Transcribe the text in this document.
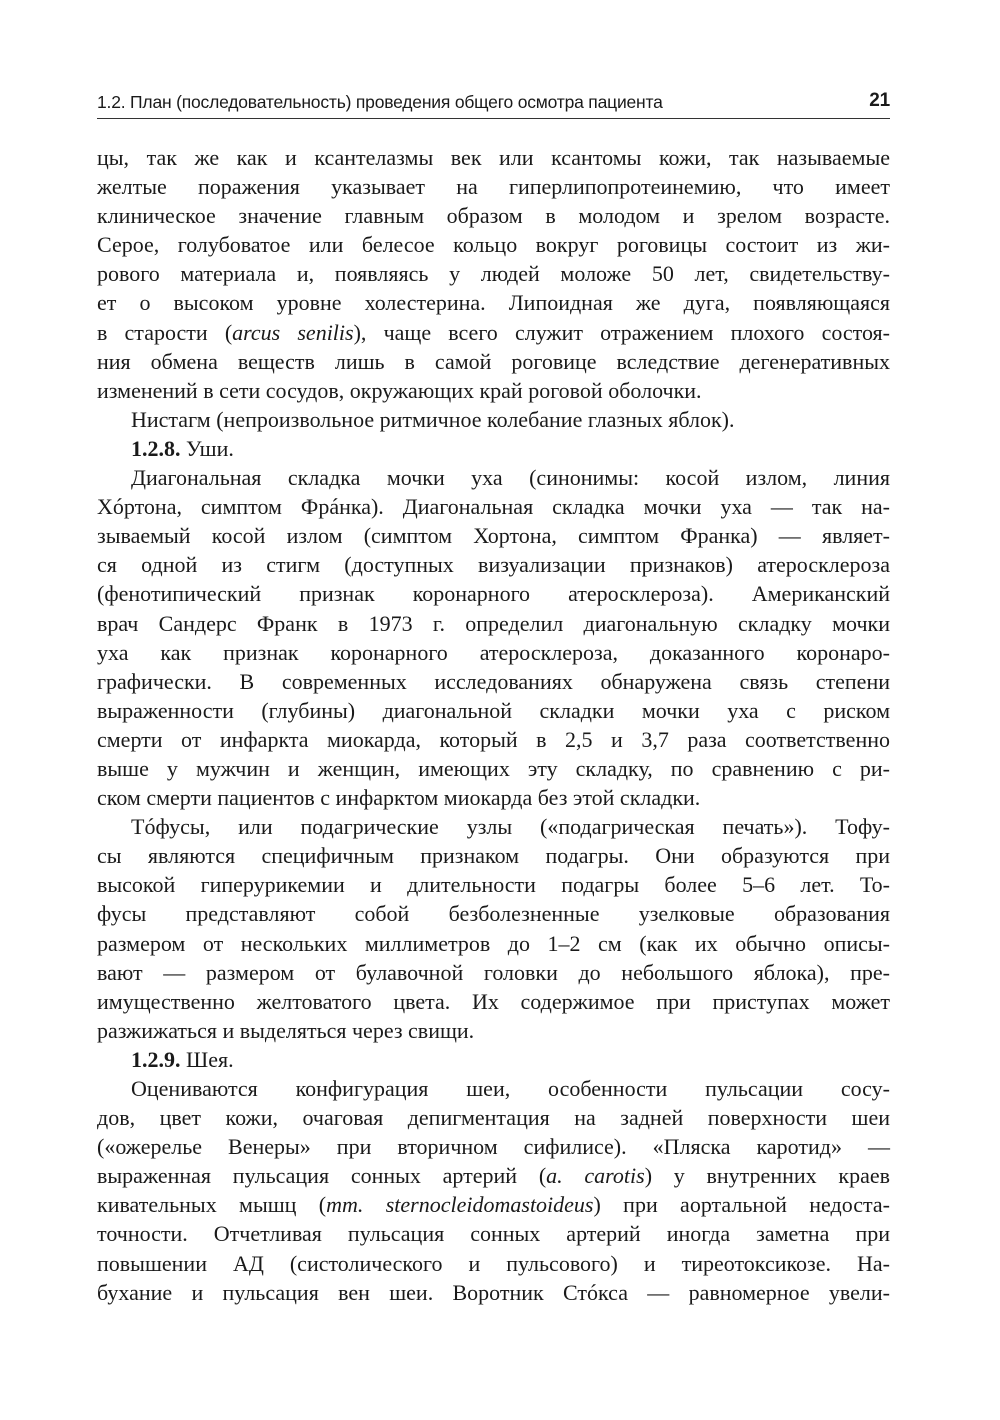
1.2. План (последовательность) проведения общего осмотра пациента	21

цы, так же как и ксантелазмы век или ксантомы кожи, так называемые
желтые поражения указывает на гиперлипопротеинемию, что имеет
клиническое значение главным образом в молодом и зрелом возрасте.
Серое, голубоватое или белесое кольцо вокруг роговицы состоит из жи-
рового материала и, появляясь у людей моложе 50 лет, свидетельству-
ет о высоком уровне холестерина. Липоидная же дуга, появляющаяся
в старости (arcus senilis), чаще всего служит отражением плохого состоя-
ния обмена веществ лишь в самой роговице вследствие дегенеративных
изменений в сети сосудов, окружающих край роговой оболочки.

Нистагм (непроизвольное ритмичное колебание глазных яблок).

1.2.8. Уши.

Диагональная складка мочки уха (синонимы: косой излом, линия
Хóртона, симптом Фрáнка). Диагональная складка мочки уха — так на-
зываемый косой излом (симптом Хортона, симптом Франка) — являет-
ся одной из стигм (доступных визуализации признаков) атеросклероза
(фенотипический признак коронарного атеросклероза). Американский
врач Сандерс Франк в 1973 г. определил диагональную складку мочки
уха как признак коронарного атеросклероза, доказанного коронаро-
графически. В современных исследованиях обнаружена связь степени
выраженности (глубины) диагональной складки мочки уха с риском
смерти от инфаркта миокарда, который в 2,5 и 3,7 раза соответственно
выше у мужчин и женщин, имеющих эту складку, по сравнению с ри-
ском смерти пациентов с инфарктом миокарда без этой складки.

Тóфусы, или подагрические узлы («подагрическая печать»). Тофу-
сы являются специфичным признаком подагры. Они образуются при
высокой гиперурикемии и длительности подагры более 5–6 лет. То-
фусы представляют собой безболезненные узелковые образования
размером от нескольких миллиметров до 1–2 см (как их обычно описы-
вают — размером от булавочной головки до небольшого яблока), пре-
имущественно желтоватого цвета. Их содержимое при приступах может
разжижаться и выделяться через свищи.

1.2.9. Шея.

Оцениваются конфигурация шеи, особенности пульсации сосу-
дов, цвет кожи, очаговая депигментация на задней поверхности шеи
(«ожерелье Венеры» при вторичном сифилисе). «Пляска каротид» —
выраженная пульсация сонных артерий (a. carotis) у внутренних краев
кивательных мышц (mm. sternocleidomastoideus) при аортальной недоста-
точности. Отчетливая пульсация сонных артерий иногда заметна при
повышении АД (систолического и пульсового) и тиреотоксикозе. На-
бухание и пульсация вен шеи. Воротник Стóкса — равномерное увели-
